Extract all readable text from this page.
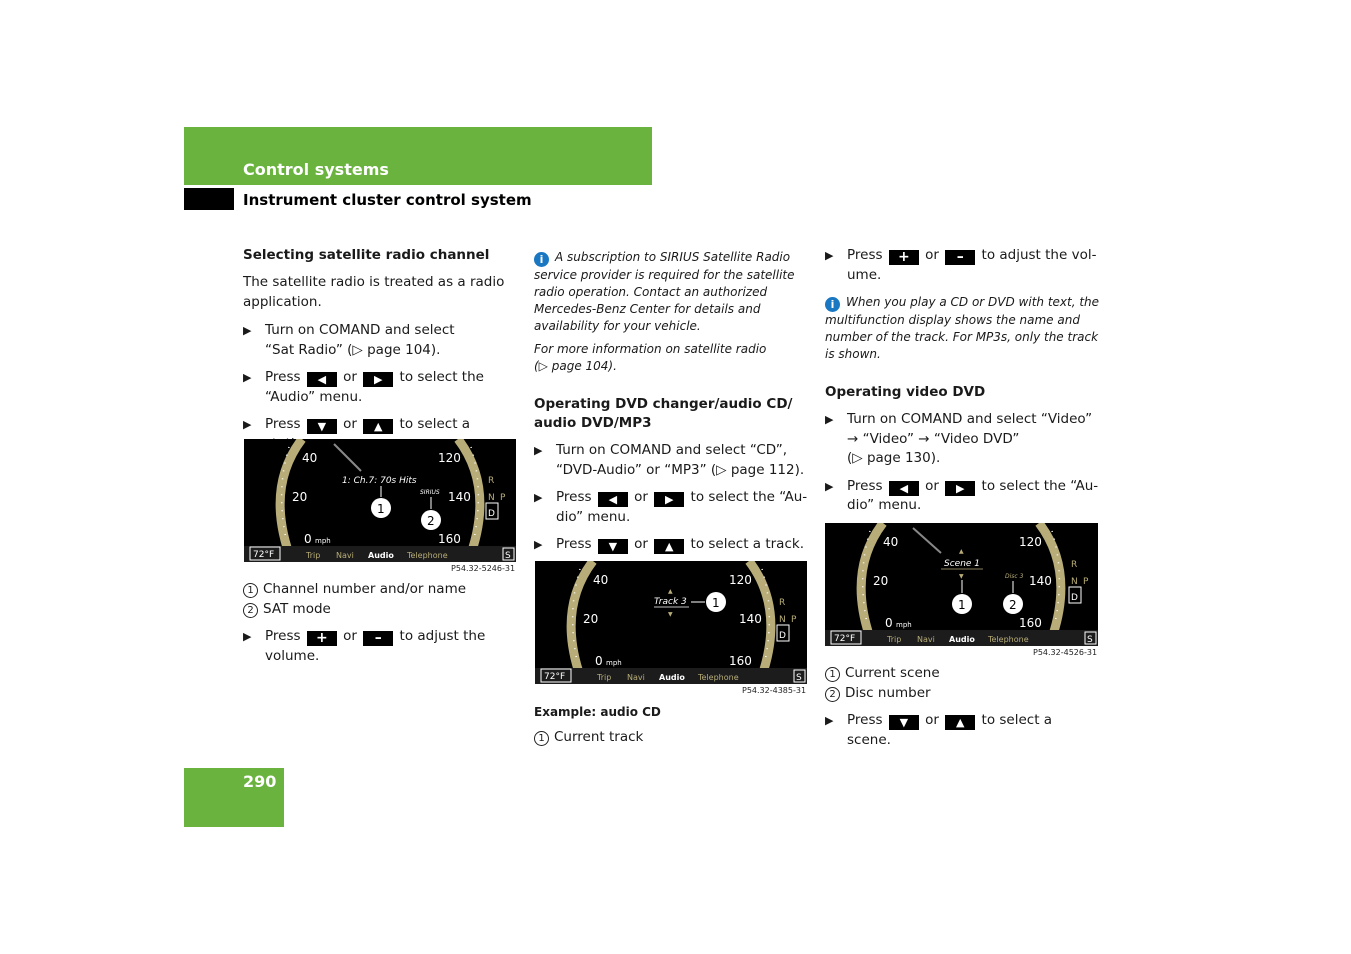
Control systems
Instrument cluster control system
290

Selecting satellite radio channel

The satellite radio is treated as a radio application.

▶ Turn on COMAND and select
“Sat Radio” (▷ page 104).
▶ Press ◀ or ▶ to select the
“Audio” menu.
▶ Press ▼ or ▲ to select a
40	120
20	140
0 mph	160
1: Ch.7: 70s Hits
SIRIUS
1
2
R
N P
D
72°F	Trip Navi Audio Telephone	S
P54.32-5246-31

1 Channel number and/or name

2 SAT mode

▶ Press + or – to adjust the
volume.

i A subscription to SIRIUS Satellite Radio service provider is required for the satellite radio operation. Contact an authorized Mercedes-Benz Center for details and availability for your vehicle.

For more information on satellite radio
(▷ page 104).

Operating DVD changer/audio CD/ audio DVD/MP3

▶ Turn on COMAND and select “CD”,
“DVD-Audio” or “MP3” (▷ page 112).
▶ Press ◀ or ▶ to select the “Au-
dio” menu.
▶ Press ▼ or ▲ to select a track.
40	120
20	140
0 mph	160
▲
Track 3
▼
1	R
N P
D
72°F	Trip Navi Audio Telephone	S
P54.32-4385-31

Example: audio CD

1 Current track

▶ Press + or – to adjust the vol-
ume.

i When you play a CD or DVD with text, the multifunction display shows the name and number of the track. For MP3s, only the track is shown.

Operating video DVD

▶ Turn on COMAND and select “Video”
→ “Video” → “Video DVD”
(▷ page 130).
▶ Press ◀ or ▶ to select the “Au-
dio” menu.
40	120
20	140
0 mph	160
▲
Scene 1
▼	Disc 3
1	2
R
N P
D
72°F	Trip Navi Audio Telephone	S
P54.32-4526-31

1 Current scene

2 Disc number

▶ Press ▼ or ▲ to select a scene.
